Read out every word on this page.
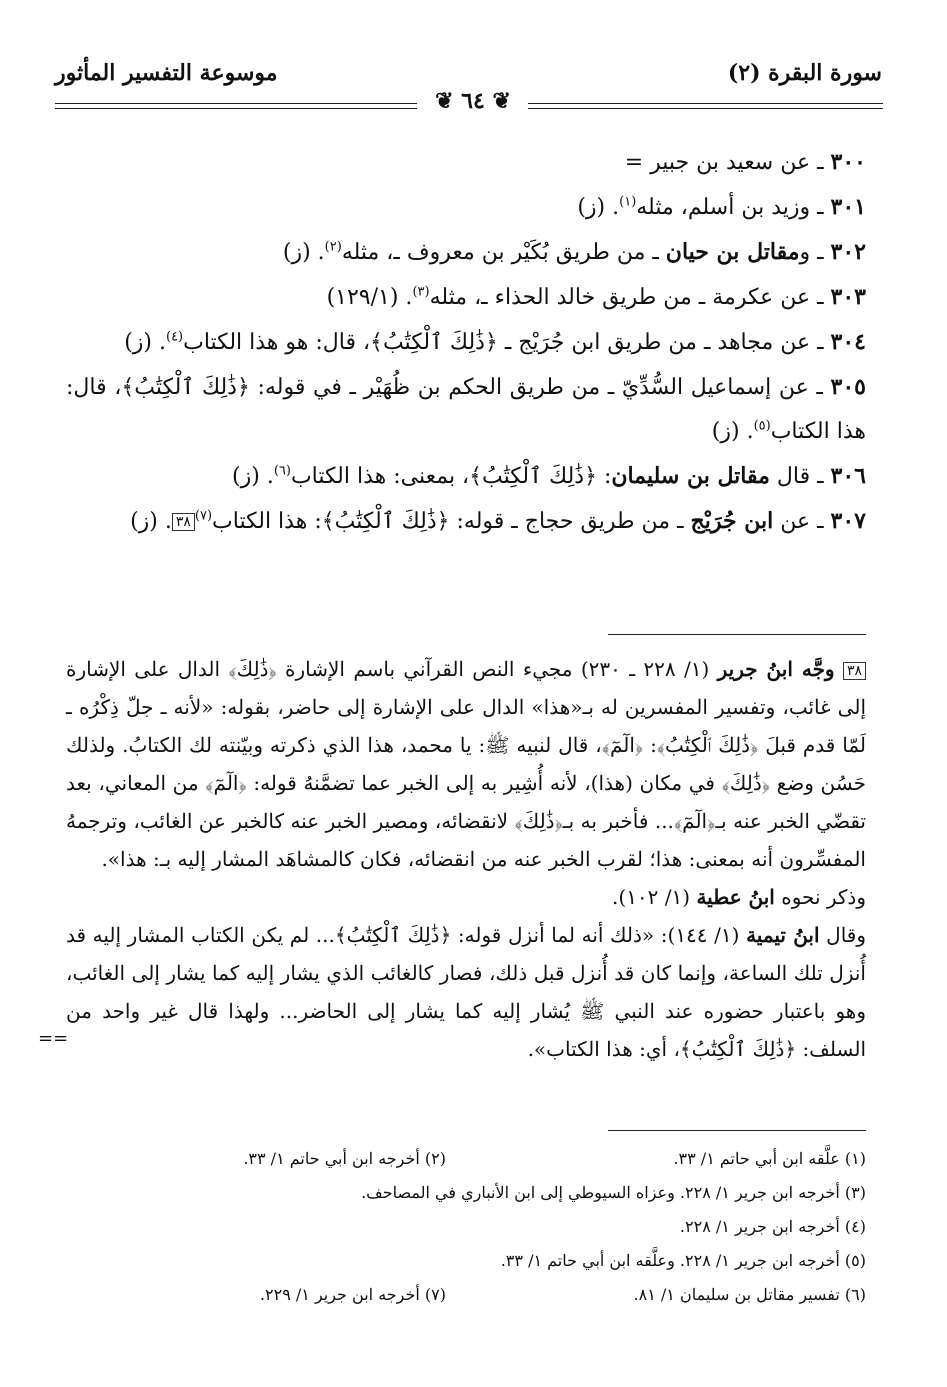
موسوعة التفسير المأثور	سورة البقرة (٢)
❦ ٦٤ ❦

٣٠٠ ـ عن سعيد بن جبير =

٣٠١ ـ وزيد بن أسلم، مثله$^{(١)}$. (ز)

٣٠٢ ـ ومقاتل بن حيان ـ من طريق بُكَيْر بن معروف ـ، مثله$^{(٢)}$. (ز)

٣٠٣ ـ عن عكرمة ـ من طريق خالد الحذاء ـ، مثله$^{(٣)}$. (١٢٩/١)

٣٠٤ ـ عن مجاهد ـ من طريق ابن جُرَيْج ـ ﴿ذَٰلِكَ ٱلْكِتَٰبُ﴾، قال: هو هذا الكتاب$^{(٤)}$. (ز)

٣٠٥ ـ عن إسماعيل السُّدِّيّ ـ من طريق الحكم بن ظُهَيْر ـ في قوله: ﴿ذَٰلِكَ ٱلْكِتَٰبُ﴾، قال: هذا الكتاب$^{(٥)}$. (ز)

٣٠٦ ـ قال مقاتل بن سليمان: ﴿ذَٰلِكَ ٱلْكِتَٰبُ﴾، بمعنى: هذا الكتاب$^{(٦)}$. (ز)

٣٠٧ ـ عن ابن جُرَيْج ـ من طريق حجاج ـ قوله: ﴿ذَٰلِكَ ٱلْكِتَٰبُ﴾: هذا الكتاب$^{(٧)}$٣٨. (ز)

٣٨ وجَّه ابنُ جرير (١/ ٢٢٨ ـ ٢٣٠) مجيء النص القرآني باسم الإشارة ﴿ذَٰلِكَ﴾ الدال على الإشارة إلى غائب، وتفسير المفسرين له بـ«هذا» الدال على الإشارة إلى حاضر، بقوله: «لأنه ـ جلّ ذِكْرُه ـ لَمّا قدم قبلَ ﴿ذَٰلِكَ ٱلْكِتَٰبُ﴾: ﴿الٓمٓ﴾، قال لنبيه ﷺ: يا محمد، هذا الذي ذكرته وبيّنته لك الكتابُ. ولذلك حَسُن وضع ﴿ذَٰلِكَ﴾ في مكان (هذا)، لأنه أُشِير به إلى الخبر عما تضمَّنهُ قوله: ﴿الٓمٓ﴾ من المعاني، بعد تقضّي الخبر عنه بـ﴿الٓمٓ﴾... فأخبر به بـ﴿ذَٰلِكَ﴾ لانقضائه، ومصير الخبر عنه كالخبر عن الغائب، وترجمهُ المفسِّرون أنه بمعنى: هذا؛ لقرب الخبر عنه من انقضائه، فكان كالمشاهَد المشار إليه بـ: هذا».

وذكر نحوه ابنُ عطية (١/ ١٠٢).

وقال ابنُ تيمية (١/ ١٤٤): «ذلك أنه لما أنزل قوله: ﴿ذَٰلِكَ ٱلْكِتَٰبُ﴾... لم يكن الكتاب المشار إليه قد أُنزل تلك الساعة، وإنما كان قد أُنزل قبل ذلك، فصار كالغائب الذي يشار إليه كما يشار إلى الغائب، وهو باعتبار حضوره عند النبي ﷺ يُشار إليه كما يشار إلى الحاضر... ولهذا قال غير واحد من السلف: ﴿ذَٰلِكَ ٱلْكِتَٰبُ﴾، أي: هذا الكتاب».

==
(١) علَّقه ابن أبي حاتم ١/ ٣٣.
(٢) أخرجه ابن أبي حاتم ١/ ٣٣.
(٣) أخرجه ابن جرير ١/ ٢٢٨. وعزاه السيوطي إلى ابن الأنباري في المصاحف.
(٤) أخرجه ابن جرير ١/ ٢٢٨.
(٥) أخرجه ابن جرير ١/ ٢٢٨. وعلَّقه ابن أبي حاتم ١/ ٣٣.
(٦) تفسير مقاتل بن سليمان ١/ ٨١.
(٧) أخرجه ابن جرير ١/ ٢٢٩.
